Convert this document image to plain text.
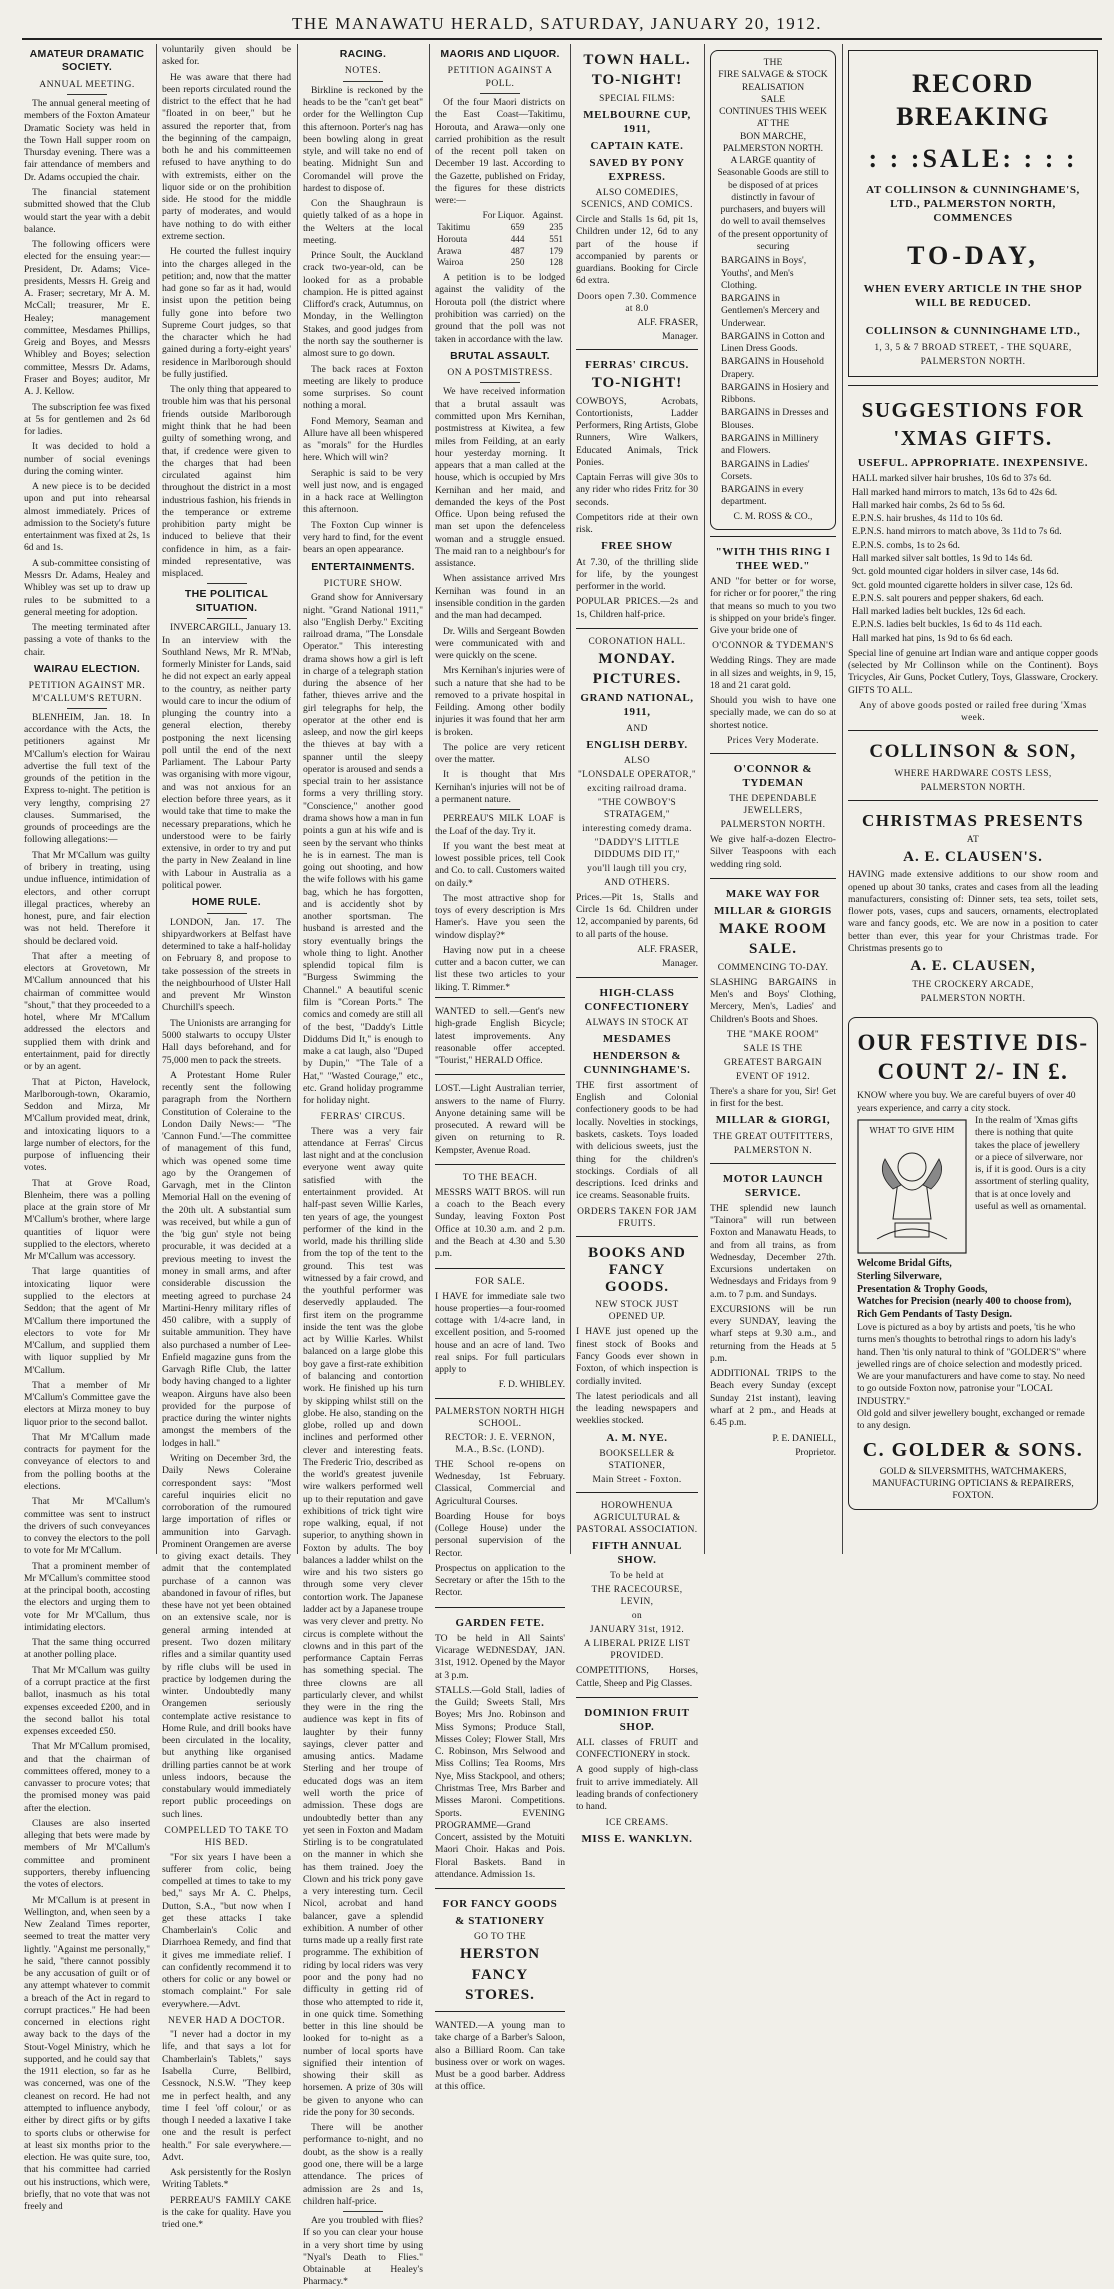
THE MANAWATU HERALD, SATURDAY, JANUARY 20, 1912.
AMATEUR DRAMATIC SOCIETY.
ANNUAL MEETING.

The annual general meeting of members of the Foxton Amateur Dramatic Society was held in the Town Hall supper room on Thursday evening. There was a fair attendance of members and Dr. Adams occupied the chair.

The financial statement submitted showed that the Club would start the year with a debit balance.

The following officers were elected for the ensuing year:— President, Dr. Adams; Vice-presidents, Messrs H. Greig and A. Fraser; secretary, Mr A. M. McCall; treasurer, Mr E. Healey; management committee, Mesdames Phillips, Greig and Boyes, and Messrs Whibley and Boyes; selection committee, Messrs Dr. Adams, Fraser and Boyes; auditor, Mr A. J. Kellow.

The subscription fee was fixed at 5s for gentlemen and 2s 6d for ladies.

It was decided to hold a number of social evenings during the coming winter.

A new piece is to be decided upon and put into rehearsal almost immediately. Prices of admission to the Society's future entertainment was fixed at 2s, 1s 6d and 1s.

A sub-committee consisting of Messrs Dr. Adams, Healey and Whibley was set up to draw up rules to be submitted to a general meeting for adoption.

The meeting terminated after passing a vote of thanks to the chair.

WAIRAU ELECTION.
PETITION AGAINST MR. M'CALLUM'S RETURN.

BLENHEIM, Jan. 18. In accordance with the Acts, the petitioners against Mr M'Callum's election for Wairau advertise the full text of the grounds of the petition in the Express to-night. The petition is very lengthy, comprising 27 clauses. Summarised, the grounds of proceedings are the following allegations:—

That Mr M'Callum was guilty of bribery in treating, using undue influence, intimidation of electors, and other corrupt illegal practices, whereby an honest, pure, and fair election was not held. Therefore it should be declared void.

That after a meeting of electors at Grovetown, Mr M'Callum announced that his chairman of committee would "shout," that they proceeded to a hotel, where Mr M'Callum addressed the electors and supplied them with drink and entertainment, paid for directly or by an agent.

That at Picton, Havelock, Marlborough-town, Okaramio, Seddon and Mirza, Mr M'Callum provided meat, drink, and intoxicating liquors to a large number of electors, for the purpose of influencing their votes.

That at Grove Road, Blenheim, there was a polling place at the grain store of Mr M'Callum's brother, where large quantities of liquor were supplied to the electors, whereto Mr M'Callum was accessory.

That large quantities of intoxicating liquor were supplied to the electors at Seddon; that the agent of Mr M'Callum there importuned the electors to vote for Mr M'Callum, and supplied them with liquor supplied by Mr M'Callum.

That a member of Mr M'Callum's Committee gave the electors at Mirza money to buy liquor prior to the second ballot.

That Mr M'Callum made contracts for payment for the conveyance of electors to and from the polling booths at the elections.

That Mr M'Callum's committee was sent to instruct the drivers of such conveyances to convey the electors to the poll to vote for Mr M'Callum.

That a prominent member of Mr M'Callum's committee stood at the principal booth, accosting the electors and urging them to vote for Mr M'Callum, thus intimidating electors.

That the same thing occurred at another polling place.

That Mr M'Callum was guilty of a corrupt practice at the first ballot, inasmuch as his total expenses exceeded £200, and in the second ballot his total expenses exceeded £50.

That Mr M'Callum promised, and that the chairman of committees offered, money to a canvasser to procure votes; that the promised money was paid after the election.

Clauses are also inserted alleging that bets were made by members of Mr M'Callum's committee and prominent supporters, thereby influencing the votes of electors.

Mr M'Callum is at present in Wellington, and, when seen by a New Zealand Times reporter, seemed to treat the matter very lightly. "Against me personally," he said, "there cannot possibly be any accusation of guilt or of any attempt whatever to commit a breach of the Act in regard to corrupt practices." He had been concerned in elections right away back to the days of the Stout-Vogel Ministry, which he supported, and he could say that the 1911 election, so far as he was concerned, was one of the cleanest on record. He had not attempted to influence anybody, either by direct gifts or by gifts to sports clubs or otherwise for at least six months prior to the election. He was quite sure, too, that his committee had carried out his instructions, which were, briefly, that no vote that was not freely and

voluntarily given should be asked for.

He was aware that there had been reports circulated round the district to the effect that he had "floated in on beer," but he assured the reporter that, from the beginning of the campaign, both he and his committeemen refused to have anything to do with extremists, either on the liquor side or on the prohibition side. He stood for the middle party of moderates, and would have nothing to do with either extreme section.

He courted the fullest inquiry into the charges alleged in the petition; and, now that the matter had gone so far as it had, would insist upon the petition being fully gone into before two Supreme Court judges, so that the character which he had gained during a forty-eight years' residence in Marlborough should be fully justified.

The only thing that appeared to trouble him was that his personal friends outside Marlborough might think that he had been guilty of something wrong, and that, if credence were given to the charges that had been circulated against him throughout the district in a most industrious fashion, his friends in the temperance or extreme prohibition party might be induced to believe that their confidence in him, as a fair-minded representative, was misplaced.

THE POLITICAL SITUATION.

INVERCARGILL, January 13. In an interview with the Southland News, Mr R. M'Nab, formerly Minister for Lands, said he did not expect an early appeal to the country, as neither party would care to incur the odium of plunging the country into a general election, thereby postponing the next licensing poll until the end of the next Parliament. The Labour Party was organising with more vigour, and was not anxious for an election before three years, as it would take that time to make the necessary preparations, which he understood were to be fairly extensive, in order to try and put the party in New Zealand in line with Labour in Australia as a political power.

HOME RULE.

LONDON, Jan. 17. The shipyardworkers at Belfast have determined to take a half-holiday on February 8, and propose to take possession of the streets in the neighbourhood of Ulster Hall and prevent Mr Winston Churchill's speech.

The Unionists are arranging for 5000 stalwarts to occupy Ulster Hall days beforehand, and for 75,000 men to pack the streets.

A Protestant Home Ruler recently sent the following paragraph from the Northern Constitution of Coleraine to the London Daily News:— "The 'Cannon Fund.'—The committee of management of this fund, which was opened some time ago by the Orangemen of Garvagh, met in the Clinton Memorial Hall on the evening of the 20th ult. A substantial sum was received, but while a gun of the 'big gun' style not being procurable, it was decided at a previous meeting to invest the money in small arms, and after considerable discussion the meeting agreed to purchase 24 Martini-Henry military rifles of 450 calibre, with a supply of suitable ammunition. They have also purchased a number of Lee-Enfield magazine guns from the Garvagh Rifle Club, the latter body having changed to a lighter weapon. Airguns have also been provided for the purpose of practice during the winter nights amongst the members of the lodges in hall."

Writing on December 3rd, the Daily News Coleraine correspondent says: "Most careful inquiries elicit no corroboration of the rumoured large importation of rifles or ammunition into Garvagh. Prominent Orangemen are averse to giving exact details. They admit that the contemplated purchase of a cannon was abandoned in favour of rifles, but these have not yet been obtained on an extensive scale, nor is general arming intended at present. Two dozen military rifles and a similar quantity used by rifle clubs will be used in practice by lodgemen during the winter. Undoubtedly many Orangemen seriously contemplate active resistance to Home Rule, and drill books have been circulated in the locality, but anything like organised drilling parties cannot be at work unless indoors, because the constabulary would immediately report public proceedings on such lines.

COMPELLED TO TAKE TO HIS BED.

"For six years I have been a sufferer from colic, being compelled at times to take to my bed," says Mr A. C. Phelps, Dutton, S.A., "but now when I get these attacks I take Chamberlain's Colic and Diarrhoea Remedy, and find that it gives me immediate relief. I can confidently recommend it to others for colic or any bowel or stomach complaint." For sale everywhere.—Advt.

NEVER HAD A DOCTOR.

"I never had a doctor in my life, and that says a lot for Chamberlain's Tablets," says Isabella Curre, Bellbird, Cessnock, N.S.W. "They keep me in perfect health, and any time I feel 'off colour,' or as though I needed a laxative I take one and the result is perfect health." For sale everywhere.—Advt.

Ask persistently for the Roslyn Writing Tablets.*

PERREAU'S FAMILY CAKE is the cake for quality. Have you tried one.*

RACING.
NOTES.

Birkline is reckoned by the heads to be the "can't get beat" order for the Wellington Cup this afternoon. Porter's nag has been bowling along in great style, and will take no end of beating. Midnight Sun and Coromandel will prove the hardest to dispose of.

Con the Shaughraun is quietly talked of as a hope in the Welters at the local meeting.

Prince Soult, the Auckland crack two-year-old, can be looked for as a probable champion. He is pitted against Clifford's crack, Autumnus, on Monday, in the Wellington Stakes, and good judges from the north say the southerner is almost sure to go down.

The back races at Foxton meeting are likely to produce some surprises. So count nothing a moral.

Fond Memory, Seaman and Allure have all been whispered as "morals" for the Hurdles here. Which will win?

Seraphic is said to be very well just now, and is engaged in a hack race at Wellington this afternoon.

The Foxton Cup winner is very hard to find, for the event bears an open appearance.

ENTERTAINMENTS.
PICTURE SHOW.

Grand show for Anniversary night. "Grand National 1911," also "English Derby." Exciting railroad drama, "The Lonsdale Operator." This interesting drama shows how a girl is left in charge of a telegraph station during the absence of her father, thieves arrive and the girl telegraphs for help, the operator at the other end is asleep, and now the girl keeps the thieves at bay with a spanner until the sleepy operator is aroused and sends a special train to her assistance forms a very thrilling story. "Conscience," another good drama shows how a man in fun points a gun at his wife and is seen by the servant who thinks he is in earnest. The man is going out shooting, and how the wife follows with his game bag, which he has forgotten, and is accidently shot by another sportsman. The husband is arrested and the story eventually brings the whole thing to light. Another splendid topical film is "Burgess Swimming the Channel." A beautiful scenic film is "Corean Ports." The comics and comedy are still all of the best, "Daddy's Little Diddums Did It," is enough to make a cat laugh, also "Duped by Dupin," "The Tale of a Hat," "Wasted Courage," etc., etc. Grand holiday programme for holiday night.

FERRAS' CIRCUS.

There was a very fair attendance at Ferras' Circus last night and at the conclusion everyone went away quite satisfied with the entertainment provided. At half-past seven Willie Karles, ten years of age, the youngest performer of the kind in the world, made his thrilling slide from the top of the tent to the ground. This test was witnessed by a fair crowd, and the youthful performer was deservedly applauded. The first item on the programme inside the tent was the globe act by Willie Karles. Whilst balanced on a large globe this boy gave a first-rate exhibition of balancing and contortion work. He finished up his turn by skipping whilst still on the globe. He also, standing on the globe, rolled up and down inclines and performed other clever and interesting feats. The Frederic Trio, described as the world's greatest juvenile wire walkers performed well up to their reputation and gave exhibitions of trick tight wire rope walking, equal, if not superior, to anything shown in Foxton by adults. The boy balances a ladder whilst on the wire and his two sisters go through some very clever contortion work. The Japanese ladder act by a Japanese troupe was very clever and pretty. No circus is complete without the clowns and in this part of the performance Captain Ferras has something special. The three clowns are all particularly clever, and whilst they were in the ring the audience was kept in fits of laughter by their funny sayings, clever patter and amusing antics. Madame Sterling and her troupe of educated dogs was an item well worth the price of admission. These dogs are undoubtedly better than any yet seen in Foxton and Madam Stirling is to be congratulated on the manner in which she has them trained. Joey the Clown and his trick pony gave a very interesting turn. Cecil Nicol, acrobat and hand balancer, gave a splendid exhibition. A number of other turns made up a really first rate programme. The exhibition of riding by local riders was very poor and the pony had no difficulty in getting rid of those who attempted to ride it, in one quick time. Something better in this line should be looked for to-night as a number of local sports have signified their intention of showing their skill as horsemen. A prize of 30s will be given to anyone who can ride the pony for 30 seconds.

There will be another performance to-night, and no doubt, as the show is a really good one, there will be a large attendance. The prices of admission are 2s and 1s, children half-price.

Are you troubled with flies? If so you can clear your house in a very short time by using "Nyal's Death to Flies." Obtainable at Healey's Pharmacy.*

MAORIS AND LIQUOR.
PETITION AGAINST A POLL.

Of the four Maori districts on the East Coast—Takitimu, Horouta, and Arawa—only one carried prohibition as the result of the recent poll taken on December 19 last. According to the Gazette, published on Friday, the figures for these districts were:—

	For Liquor.	Against.
Takitimu	659	235
Horouta	444	551
Arawa	487	179
Wairoa	250	128

A petition is to be lodged against the validity of the Horouta poll (the district where prohibition was carried) on the ground that the poll was not taken in accordance with the law.

BRUTAL ASSAULT.
ON A POSTMISTRESS.

We have received information that a brutal assault was committed upon Mrs Kernihan, postmistress at Kiwitea, a few miles from Feilding, at an early hour yesterday morning. It appears that a man called at the house, which is occupied by Mrs Kernihan and her maid, and demanded the keys of the Post Office. Upon being refused the man set upon the defenceless woman and a struggle ensued. The maid ran to a neighbour's for assistance.

When assistance arrived Mrs Kernihan was found in an insensible condition in the garden and the man had decamped.

Dr. Wills and Sergeant Bowden were communicated with and were quickly on the scene.

Mrs Kernihan's injuries were of such a nature that she had to be removed to a private hospital in Feilding. Among other bodily injuries it was found that her arm is broken.

The police are very reticent over the matter.

It is thought that Mrs Kernihan's injuries will not be of a permanent nature.

PERREAU'S MILK LOAF is the Loaf of the day. Try it.

If you want the best meat at lowest possible prices, tell Cook and Co. to call. Customers waited on daily.*

The most attractive shop for toys of every description is Mrs Hamer's. Have you seen the window display?*

Having now put in a cheese cutter and a bacon cutter, we can list these two articles to your liking. T. Rimmer.*

WANTED to sell.—Gent's new high-grade English Bicycle; latest improvements. Any reasonable offer accepted. "Tourist," HERALD Office.
LOST.—Light Australian terrier, answers to the name of Flurry. Anyone detaining same will be prosecuted. A reward will be given on returning to R. Kempster, Avenue Road.
TO THE BEACH.
MESSRS WATT BROS. will run a coach to the Beach every Sunday, leaving Foxton Post Office at 10.30 a.m. and 2 p.m. and the Beach at 4.30 and 5.30 p.m.
FOR SALE.
I HAVE for immediate sale two house properties—a four-roomed cottage with 1/4-acre land, in excellent position, and 5-roomed house and an acre of land. Two real snips. For full particulars apply to
F. D. WHIBLEY.
PALMERSTON NORTH HIGH SCHOOL.
RECTOR: J. E. VERNON, M.A., B.Sc. (LOND).
THE School re-opens on Wednesday, 1st February. Classical, Commercial and Agricultural Courses.
Boarding House for boys (College House) under the personal supervision of the Rector.
Prospectus on application to the Secretary or after the 15th to the Rector.
GARDEN FETE.
TO be held in All Saints' Vicarage WEDNESDAY, JAN. 31st, 1912. Opened by the Mayor at 3 p.m.
STALLS.—Gold Stall, ladies of the Guild; Sweets Stall, Mrs Boyes; Mrs Jno. Robinson and Miss Symons; Produce Stall, Misses Coley; Flower Stall, Mrs C. Robinson, Mrs Selwood and Miss Collins; Tea Rooms, Mrs Nye, Miss Stackpool, and others; Christmas Tree, Mrs Barber and Misses Maroni. Competitions. Sports. EVENING PROGRAMME—Grand Concert, assisted by the Motuiti Maori Choir. Hakas and Pois. Floral Baskets. Band in attendance. Admission 1s.
FOR FANCY GOODS
& STATIONERY
GO TO THE
HERSTON
FANCY
STORES.
WANTED.—A young man to take charge of a Barber's Saloon, also a Billiard Room. Can take business over or work on wages. Must be a good barber. Address at this office.
TOWN HALL.
TO-NIGHT!
SPECIAL FILMS:
MELBOURNE CUP, 1911,
CAPTAIN KATE.
SAVED BY PONY EXPRESS.
ALSO COMEDIES, SCENICS, AND COMICS.
Circle and Stalls 1s 6d, pit 1s, Children under 12, 6d to any part of the house if accompanied by parents or guardians. Booking for Circle 6d extra.
Doors open 7.30. Commence at 8.0
ALF. FRASER,
Manager.
FERRAS' CIRCUS.
TO-NIGHT!
COWBOYS, Acrobats, Contortionists, Ladder Performers, Ring Artists, Globe Runners, Wire Walkers, Educated Animals, Trick Ponies.
Captain Ferras will give 30s to any rider who rides Fritz for 30 seconds.
Competitors ride at their own risk.
FREE SHOW
At 7.30, of the thrilling slide for life, by the youngest performer in the world.
POPULAR PRICES.—2s and 1s, Children half-price.
CORONATION HALL.
MONDAY.
PICTURES.
GRAND NATIONAL, 1911,
AND
ENGLISH DERBY.
ALSO
"LONSDALE OPERATOR,"
exciting railroad drama.
"THE COWBOY'S STRATAGEM,"
interesting comedy drama.
"DADDY'S LITTLE DIDDUMS DID IT,"
you'll laugh till you cry,
AND OTHERS.
Prices.—Pit 1s, Stalls and Circle 1s 6d. Children under 12, accompanied by parents, 6d to all parts of the house.
ALF. FRASER,
Manager.
HIGH-CLASS CONFECTIONERY
ALWAYS IN STOCK AT
MESDAMES
HENDERSON & CUNNINGHAME'S.
THE first assortment of English and Colonial confectionery goods to be had locally. Novelties in stockings, baskets, caskets. Toys loaded with delicious sweets, just the thing for the children's stockings. Cordials of all descriptions. Iced drinks and ice creams. Seasonable fruits.
ORDERS TAKEN FOR JAM FRUITS.
BOOKS AND FANCY GOODS.
NEW STOCK JUST OPENED UP.
I HAVE just opened up the finest stock of Books and Fancy Goods ever shown in Foxton, of which inspection is cordially invited.
The latest periodicals and all the leading newspapers and weeklies stocked.
A. M. NYE.
BOOKSELLER & STATIONER,
Main Street - Foxton.
HOROWHENUA AGRICULTURAL & PASTORAL ASSOCIATION.
FIFTH ANNUAL SHOW.
To be held at
THE RACECOURSE, LEVIN,
on
JANUARY 31st, 1912.
A LIBERAL PRIZE LIST PROVIDED.
COMPETITIONS, Horses, Cattle, Sheep and Pig Classes.
DOMINION FRUIT SHOP.
ALL classes of FRUIT and CONFECTIONERY in stock.
A good supply of high-class fruit to arrive immediately. All leading brands of confectionery to hand.
ICE CREAMS.
MISS E. WANKLYN.
THE
FIRE SALVAGE & STOCK REALISATION
SALE
CONTINUES THIS WEEK AT THE
BON MARCHE,
PALMERSTON NORTH.
A LARGE quantity of Seasonable Goods are still to be disposed of at prices distinctly in favour of purchasers, and buyers will do well to avail themselves of the present opportunity of securing
BARGAINS in Boys', Youths', and Men's Clothing.
BARGAINS in Gentlemen's Mercery and Underwear.
BARGAINS in Cotton and Linen Dress Goods.
BARGAINS in Household Drapery.
BARGAINS in Hosiery and Ribbons.
BARGAINS in Dresses and Blouses.
BARGAINS in Millinery and Flowers.
BARGAINS in Ladies' Corsets.
BARGAINS in every department.
C. M. ROSS & CO.,
"WITH THIS RING I THEE WED."
AND "for better or for worse, for richer or for poorer," the ring that means so much to you two is shipped on your bride's finger. Give your bride one of
O'CONNOR & TYDEMAN'S
Wedding Rings. They are made in all sizes and weights, in 9, 15, 18 and 21 carat gold.
Should you wish to have one specially made, we can do so at shortest notice.
Prices Very Moderate.
O'CONNOR & TYDEMAN
THE DEPENDABLE JEWELLERS,
PALMERSTON NORTH.
We give half-a-dozen Electro-Silver Teaspoons with each wedding ring sold.
MAKE WAY FOR
MILLAR & GIORGIS
MAKE ROOM
SALE.
COMMENCING TO-DAY.
SLASHING BARGAINS in Men's and Boys' Clothing, Mercery, Men's, Ladies' and Children's Boots and Shoes.
THE "MAKE ROOM"
SALE IS THE
GREATEST BARGAIN
EVENT OF 1912.
There's a share for you, Sir! Get in first for the best.
MILLAR & GIORGI,
THE GREAT OUTFITTERS,
PALMERSTON N.
MOTOR LAUNCH SERVICE.
THE splendid new launch "Tainora" will run between Foxton and Manawatu Heads, to and from all trains, as from Wednesday, December 27th. Excursions undertaken on Wednesdays and Fridays from 9 a.m. to 7 p.m. and Sundays.
EXCURSIONS will be run every SUNDAY, leaving the wharf steps at 9.30 a.m., and returning from the Heads at 5 p.m.
ADDITIONAL TRIPS to the Beach every Sunday (except Sunday 21st instant), leaving wharf at 2 pm., and Heads at 6.45 p.m.
P. E. DANIELL,
Proprietor.
RECORD BREAKING
: : :SALE: : : :
AT COLLINSON & CUNNINGHAME'S, LTD., PALMERSTON NORTH, COMMENCES
TO-DAY,
WHEN EVERY ARTICLE IN THE SHOP WILL BE REDUCED.
COLLINSON & CUNNINGHAME LTD.,
1, 3, 5 & 7 BROAD STREET, - THE SQUARE,
PALMERSTON NORTH.
SUGGESTIONS FOR
'XMAS GIFTS.
USEFUL. APPROPRIATE. INEXPENSIVE.
HALL marked silver hair brushes, 10s 6d to 37s 6d.
Hall marked hand mirrors to match, 13s 6d to 42s 6d.
Hall marked hair combs, 2s 6d to 5s 6d.
E.P.N.S. hair brushes, 4s 11d to 10s 6d.
E.P.N.S. hand mirrors to match above, 3s 11d to 7s 6d.
E.P.N.S. combs, 1s to 2s 6d.
Hall marked silver salt bottles, 1s 9d to 14s 6d.
9ct. gold mounted cigar holders in silver case, 14s 6d.
9ct. gold mounted cigarette holders in silver case, 12s 6d.
E.P.N.S. salt pourers and pepper shakers, 6d each.
Hall marked ladies belt buckles, 12s 6d each.
E.P.N.S. ladies belt buckles, 1s 6d to 4s 11d each.
Hall marked hat pins, 1s 9d to 6s 6d each.
Special line of genuine art Indian ware and antique copper goods (selected by Mr Collinson while on the Continent). Boys Tricycles, Air Guns, Pocket Cutlery, Toys, Glassware, Crockery. GIFTS TO ALL.
Any of above goods posted or railed free during 'Xmas week.
COLLINSON & SON,
WHERE HARDWARE COSTS LESS,
PALMERSTON NORTH.
CHRISTMAS PRESENTS
AT
A. E. CLAUSEN'S.
HAVING made extensive additions to our show room and opened up about 30 tanks, crates and cases from all the leading manufacturers, consisting of: Dinner sets, tea sets, toilet sets, flower pots, vases, cups and saucers, ornaments, electroplated ware and fancy goods, etc. We are now in a position to cater better than ever, this year for your Christmas trade. For Christmas presents go to
A. E. CLAUSEN,
THE CROCKERY ARCADE,
PALMERSTON NORTH.
OUR FESTIVE DIS-
COUNT 2/- IN £.
KNOW where you buy. We are careful buyers of over 40 years experience, and carry a city stock.
WHAT TO GIVE HIM
In the realm of 'Xmas gifts there is nothing that quite takes the place of jewellery or a piece of silverware, nor is, if it is good. Ours is a city assortment of sterling quality, that is at once lovely and useful as well as ornamental.
Welcome Bridal Gifts,
Sterling Silverware,
Presentation & Trophy Goods,
Watches for Precision (nearly 400 to choose from),
Rich Gem Pendants of Tasty Design.
Love is pictured as a boy by artists and poets, 'tis he who turns men's thoughts to betrothal rings to adorn his lady's hand. Then 'tis only natural to think of "GOLDER'S" where jewelled rings are of choice selection and modestly priced.
We are your manufacturers and have come to stay. No need to go outside Foxton now, patronise your "LOCAL INDUSTRY."
Old gold and silver jewellery bought, exchanged or remade to any design.
C. GOLDER & SONS.
GOLD & SILVERSMITHS, WATCHMAKERS, MANUFACTURING OPTICIANS & REPAIRERS,
FOXTON.
